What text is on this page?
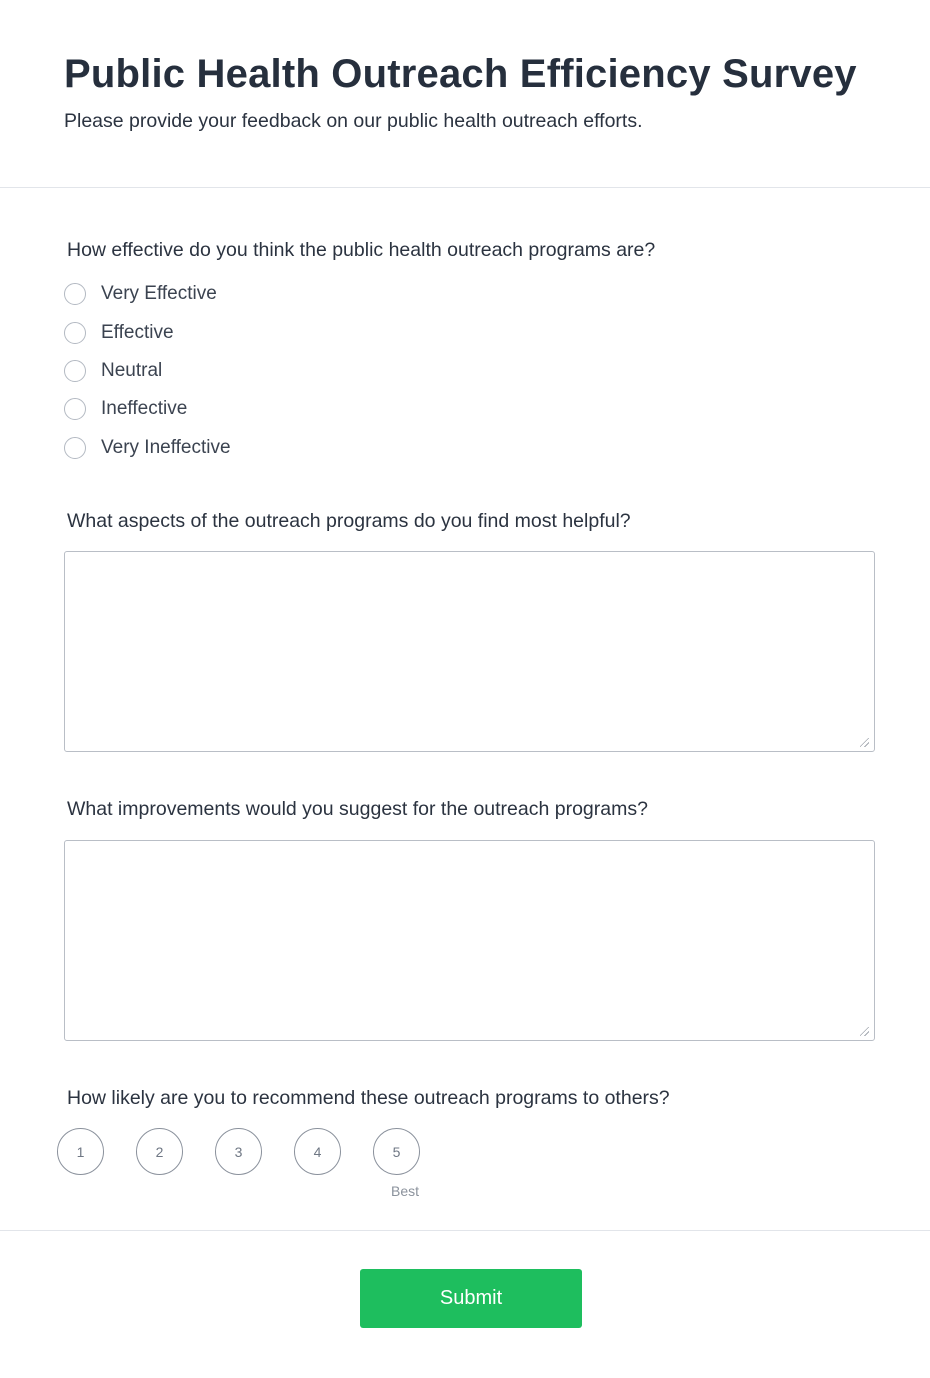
Public Health Outreach Efficiency Survey

Please provide your feedback on our public health outreach efforts.

How effective do you think the public health outreach programs are?

Very Effective
Effective
Neutral
Ineffective
Very Ineffective

What aspects of the outreach programs do you find most helpful?

What improvements would you suggest for the outreach programs?

How likely are you to recommend these outreach programs to others?

1	2	3	4	5
Best
Submit
